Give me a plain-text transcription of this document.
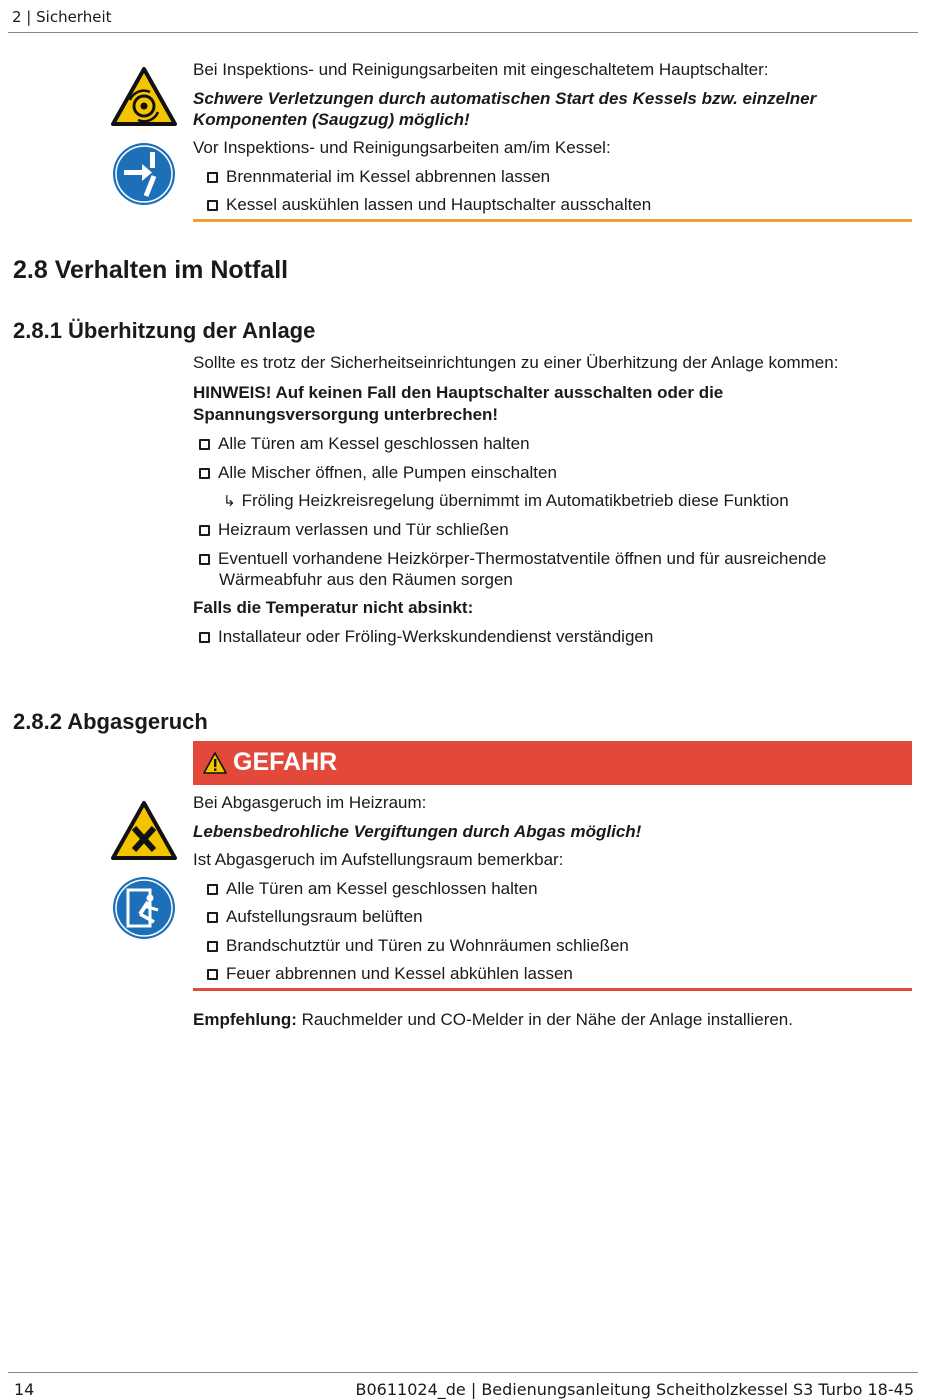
2 | Sicherheit
Bei Inspektions- und Reinigungsarbeiten mit eingeschaltetem Hauptschalter:
Schwere Verletzungen durch automatischen Start des Kessels bzw. einzelner
Komponenten (Saugzug) möglich!
Vor Inspektions- und Reinigungsarbeiten am/im Kessel:
Brennmaterial im Kessel abbrennen lassen
Kessel auskühlen lassen und Hauptschalter ausschalten
2.8 Verhalten im Notfall
2.8.1 Überhitzung der Anlage
Sollte es trotz der Sicherheitseinrichtungen zu einer Überhitzung der Anlage kommen:
HINWEIS! Auf keinen Fall den Hauptschalter ausschalten oder die
Spannungsversorgung unterbrechen!
Alle Türen am Kessel geschlossen halten
Alle Mischer öffnen, alle Pumpen einschalten
↳ Fröling Heizkreisregelung übernimmt im Automatikbetrieb diese Funktion
Heizraum verlassen und Tür schließen
Eventuell vorhandene Heizkörper-Thermostatventile öffnen und für ausreichende
Wärmeabfuhr aus den Räumen sorgen
Falls die Temperatur nicht absinkt:
Installateur oder Fröling-Werkskundendienst verständigen
2.8.2 Abgasgeruch
GEFAHR
Bei Abgasgeruch im Heizraum:
Lebensbedrohliche Vergiftungen durch Abgas möglich!
Ist Abgasgeruch im Aufstellungsraum bemerkbar:
Alle Türen am Kessel geschlossen halten
Aufstellungsraum belüften
Brandschutztür und Türen zu Wohnräumen schließen
Feuer abbrennen und Kessel abkühlen lassen
Empfehlung: Rauchmelder und CO-Melder in der Nähe der Anlage installieren.
14	B0611024_de | Bedienungsanleitung Scheitholzkessel S3 Turbo 18-45
